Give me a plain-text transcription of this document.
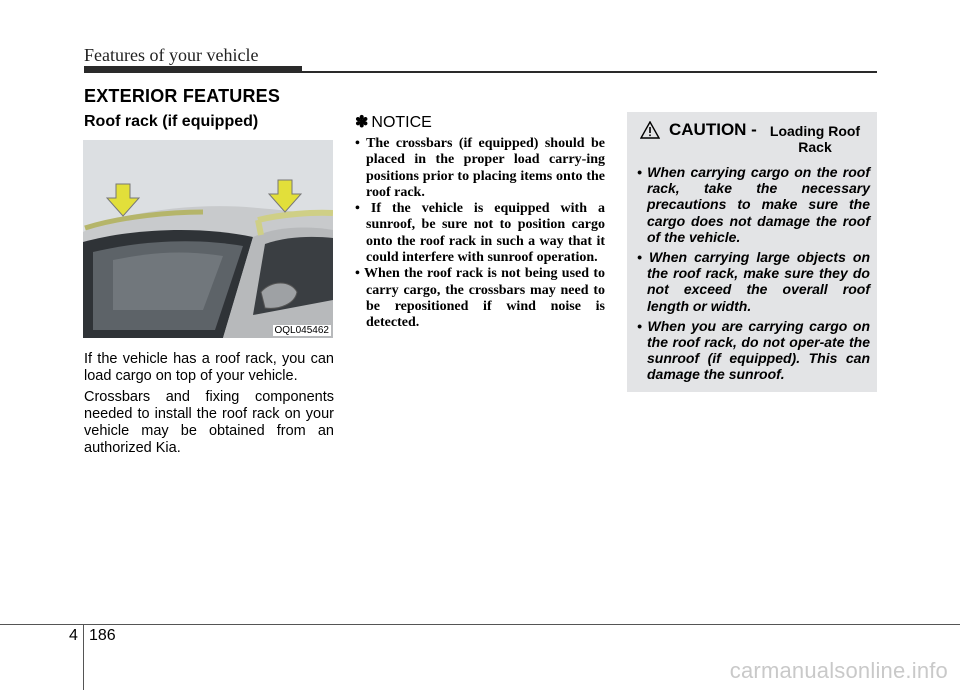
Features of your vehicle
EXTERIOR FEATURES
Roof rack (if equipped)
OQL045462
If the vehicle has a roof rack, you can load cargo on top of your vehicle.
Crossbars and fixing components needed to install the roof rack on your vehicle may be obtained from an authorized Kia.
✽ NOTICE
• The crossbars (if equipped) should be placed in the proper load carry-ing positions prior to placing items onto the roof rack.
• If the vehicle is equipped with a sunroof, be sure not to position cargo onto the roof rack in such a way that it could interfere with sunroof operation.
• When the roof rack is not being used to carry cargo, the crossbars may need to be repositioned if wind noise is detected.
CAUTION - Loading Roof Rack
• When carrying cargo on the roof rack, take the necessary precautions to make sure the cargo does not damage the roof of the vehicle.
• When carrying large objects on the roof rack, make sure they do not exceed the overall roof length or width.
• When you are carrying cargo on the roof rack, do not oper-ate the sunroof (if equipped). This can damage the sunroof.
4 186
carmanualsonline.info
